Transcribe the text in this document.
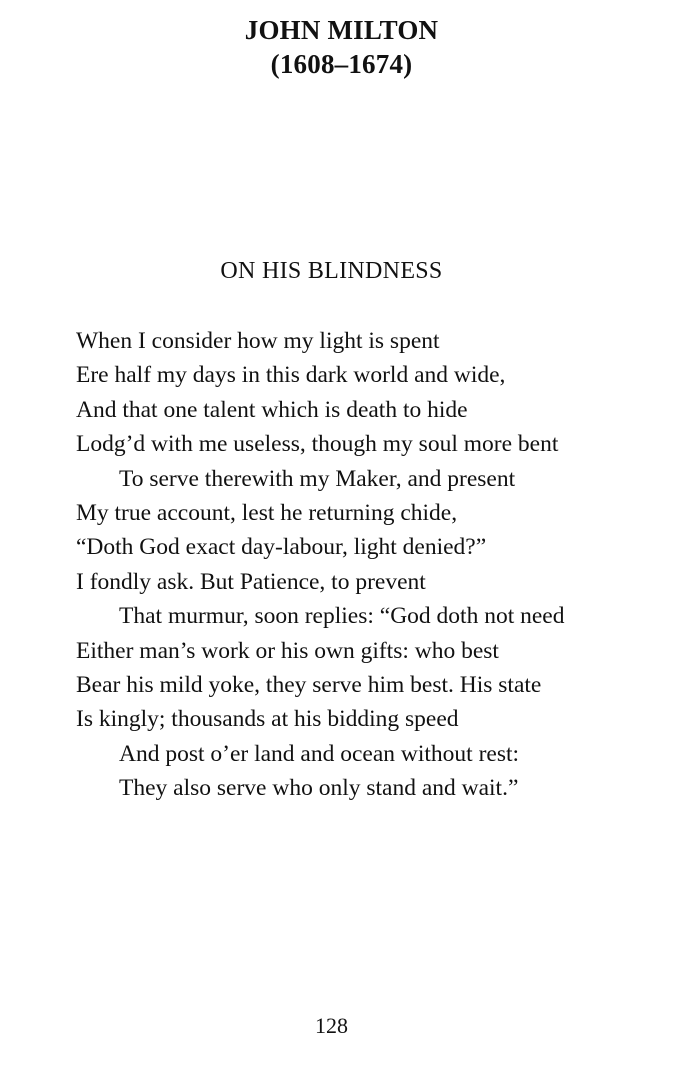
JOHN MILTON
(1608–1674)
ON HIS BLINDNESS
When I consider how my light is spent
Ere half my days in this dark world and wide,
And that one talent which is death to hide
Lodg’d with me useless, though my soul more bent
To serve therewith my Maker, and present
My true account, lest he returning chide,
“Doth God exact day-labour, light denied?”
I fondly ask. But Patience, to prevent
That murmur, soon replies: “God doth not need
Either man’s work or his own gifts: who best
Bear his mild yoke, they serve him best. His state
Is kingly; thousands at his bidding speed
And post o’er land and ocean without rest:
They also serve who only stand and wait.”
128
